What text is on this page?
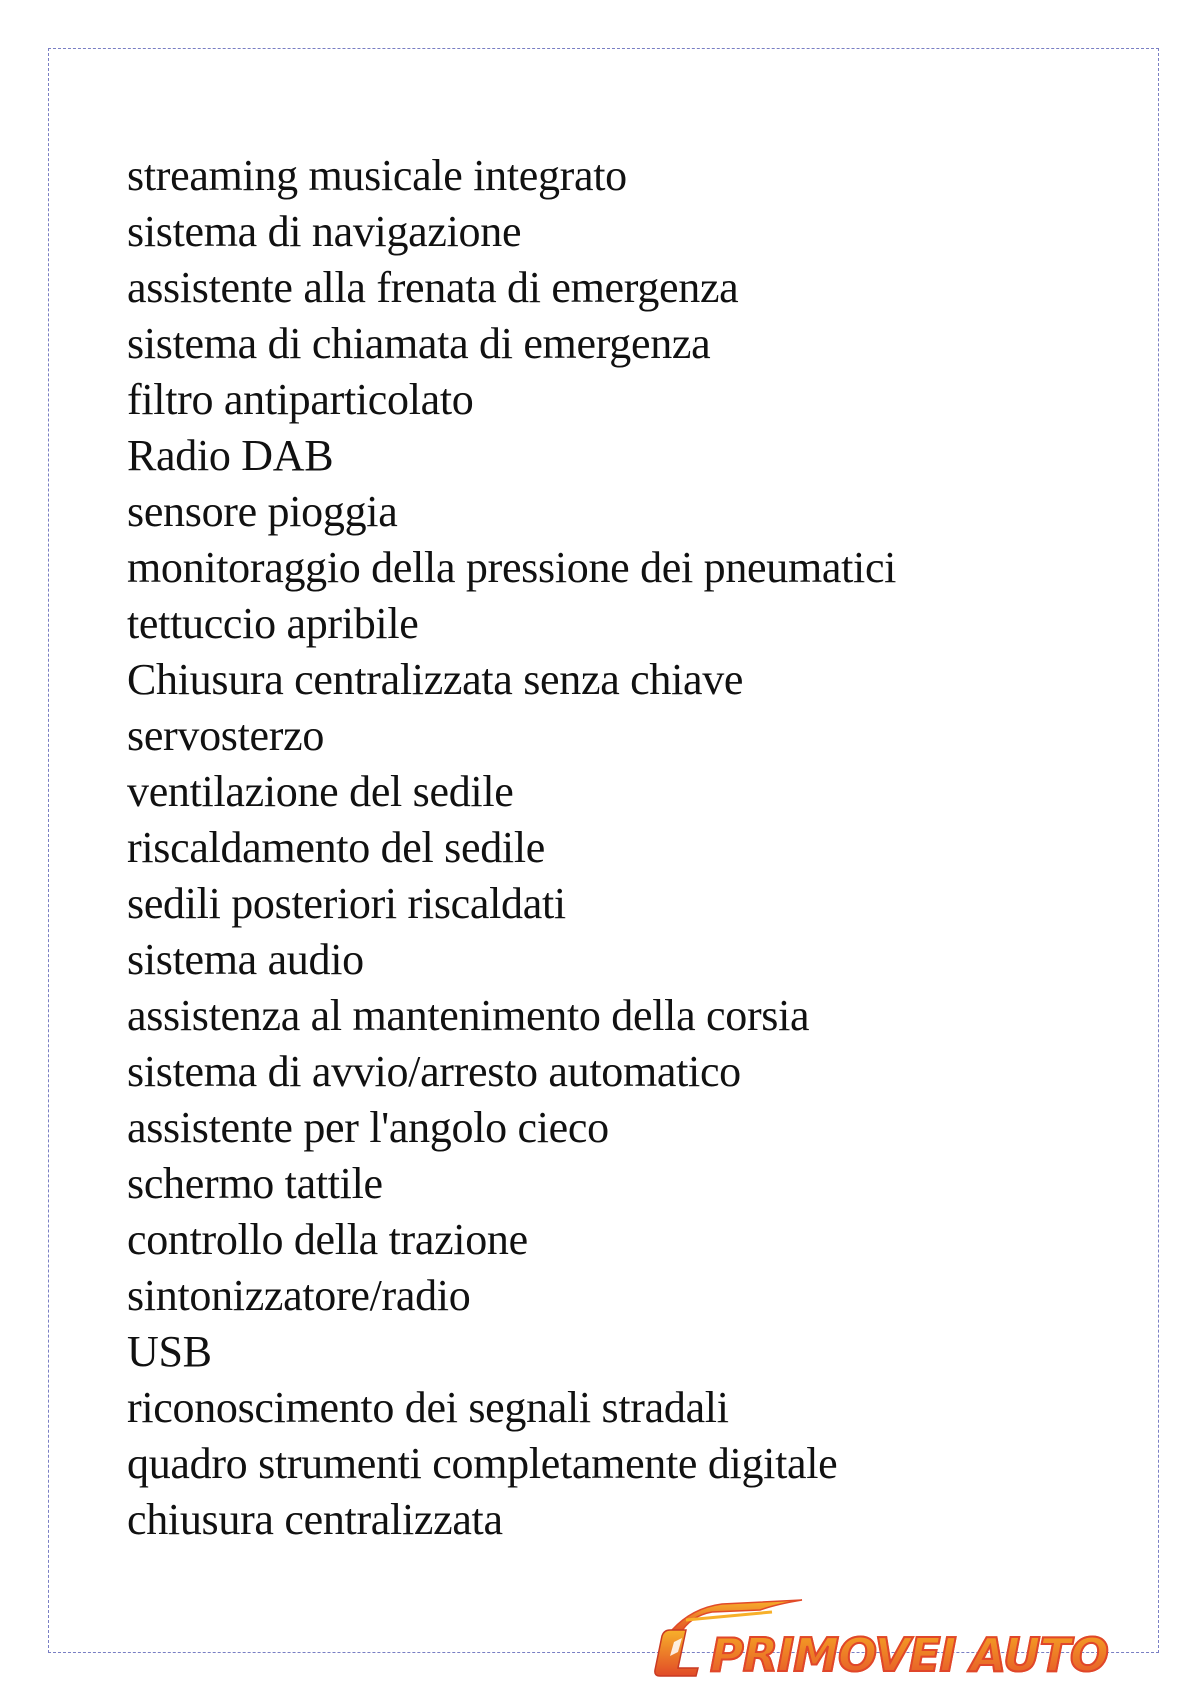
streaming musicale integrato
sistema di navigazione
assistente alla frenata di emergenza
sistema di chiamata di emergenza
filtro antiparticolato
Radio DAB
sensore pioggia
monitoraggio della pressione dei pneumatici
tettuccio apribile
Chiusura centralizzata senza chiave
servosterzo
ventilazione del sedile
riscaldamento del sedile
sedili posteriori riscaldati
sistema audio
assistenza al mantenimento della corsia
sistema di avvio/arresto automatico
assistente per l'angolo cieco
schermo tattile
controllo della trazione
sintonizzatore/radio
USB
riconoscimento dei segnali stradali
quadro strumenti completamente digitale
chiusura centralizzata
PRIMOVEI AUTO
